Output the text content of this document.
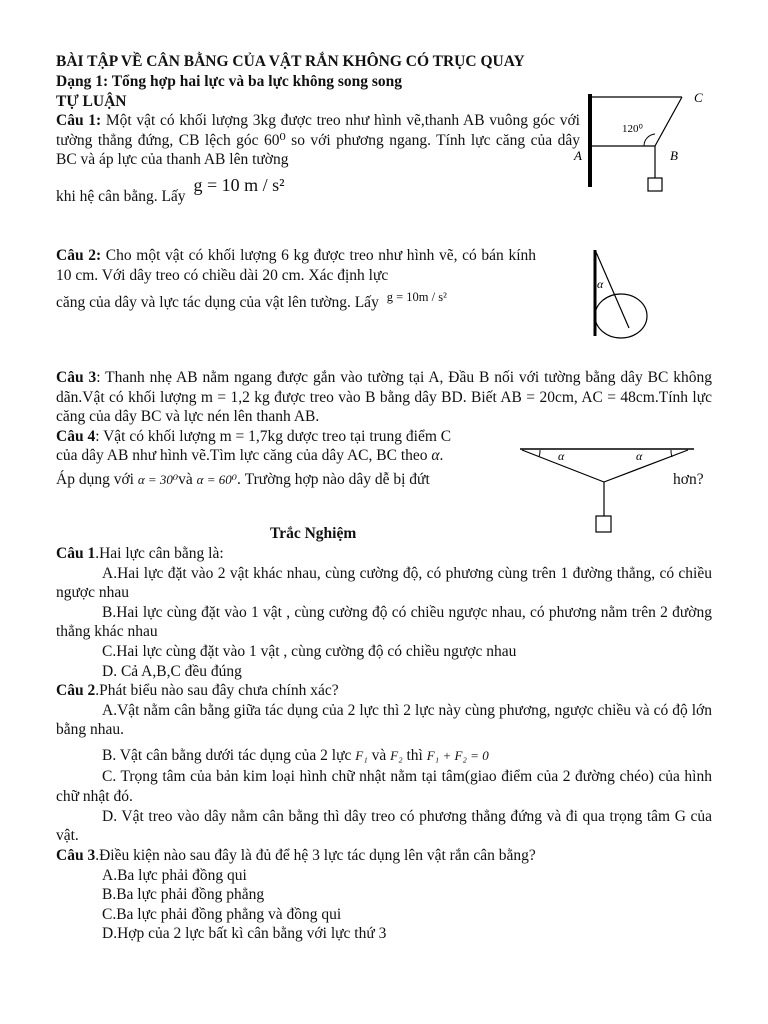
BÀI TẬP VỀ CÂN BẰNG CỦA VẬT RẮN KHÔNG CÓ TRỤC QUAY
Dạng 1: Tổng hợp hai lực và ba lực không song song
TỰ LUẬN
Câu 1: Một vật có khối lượng 3kg được treo như hình vẽ,thanh AB vuông góc với tường thẳng đứng, CB lệch góc 60⁰ so với phương ngang. Tính lực căng của dây BC và áp lực của thanh AB lên tường
khi hệ cân bằng. Lấy g = 10 m / s²
120⁰
A	B
C
Câu 2: Cho một vật có khối lượng 6 kg được treo như hình vẽ, có bán kính 10 cm. Với dây treo có chiều dài 20 cm. Xác định lực
căng của dây và lực tác dụng của vật lên tường. Lấy g = 10m / s²
α
Câu 3: Thanh nhẹ AB nằm ngang được gắn vào tường tại A, Đầu B nối với tường bằng dây BC không dãn.Vật có khối lượng m = 1,2 kg được treo vào B bằng dây BD. Biết AB = 20cm, AC = 48cm.Tính lực căng của dây BC và lực nén lên thanh AB.
Câu 4: Vật có khối lượng m = 1,7kg dược treo tại trung điểm C
của dây AB như hình vẽ.Tìm lực căng của dây AC, BC theo α.
Áp dụng với α = 30⁰và α = 60⁰. Trường hợp nào dây dễ bị đứt	hơn?
α	α
Trắc Nghiệm

Câu 1.Hai lực cân bằng là:

A.Hai lực đặt vào 2 vật khác nhau, cùng cường độ, có phương cùng trên 1 đường thẳng, có chiều ngược nhau

B.Hai lực cùng đặt vào 1 vật , cùng cường độ có chiều ngược nhau, có phương nằm trên 2 đường thẳng khác nhau

C.Hai lực cùng đặt vào 1 vật , cùng cường độ có chiều ngược nhau

D. Cả A,B,C đều đúng

Câu 2.Phát biểu nào sau đây chưa chính xác?

A.Vật nằm cân bằng giữa tác dụng của 2 lực thì 2 lực này cùng phương, ngược chiều và có độ lớn bằng nhau.

B. Vật cân bằng dưới tác dụng của 2 lực F₁ và F₂ thì F₁ + F₂ = 0

C. Trọng tâm của bản kim loại hình chữ nhật nằm tại tâm(giao điểm của 2 đường chéo) của hình chữ nhật đó.

D. Vật treo vào dây nằm cân bằng thì dây treo có phương thẳng đứng và đi qua trọng tâm G của vật.

Câu 3.Điều kiện nào sau đây là đủ để hệ 3 lực tác dụng lên vật rắn cân bằng?

A.Ba lực phải đồng qui

B.Ba lực phải đồng phẳng

C.Ba lực phải đồng phẳng và đồng qui

D.Hợp của 2 lực bất kì cân bằng với lực thứ 3
